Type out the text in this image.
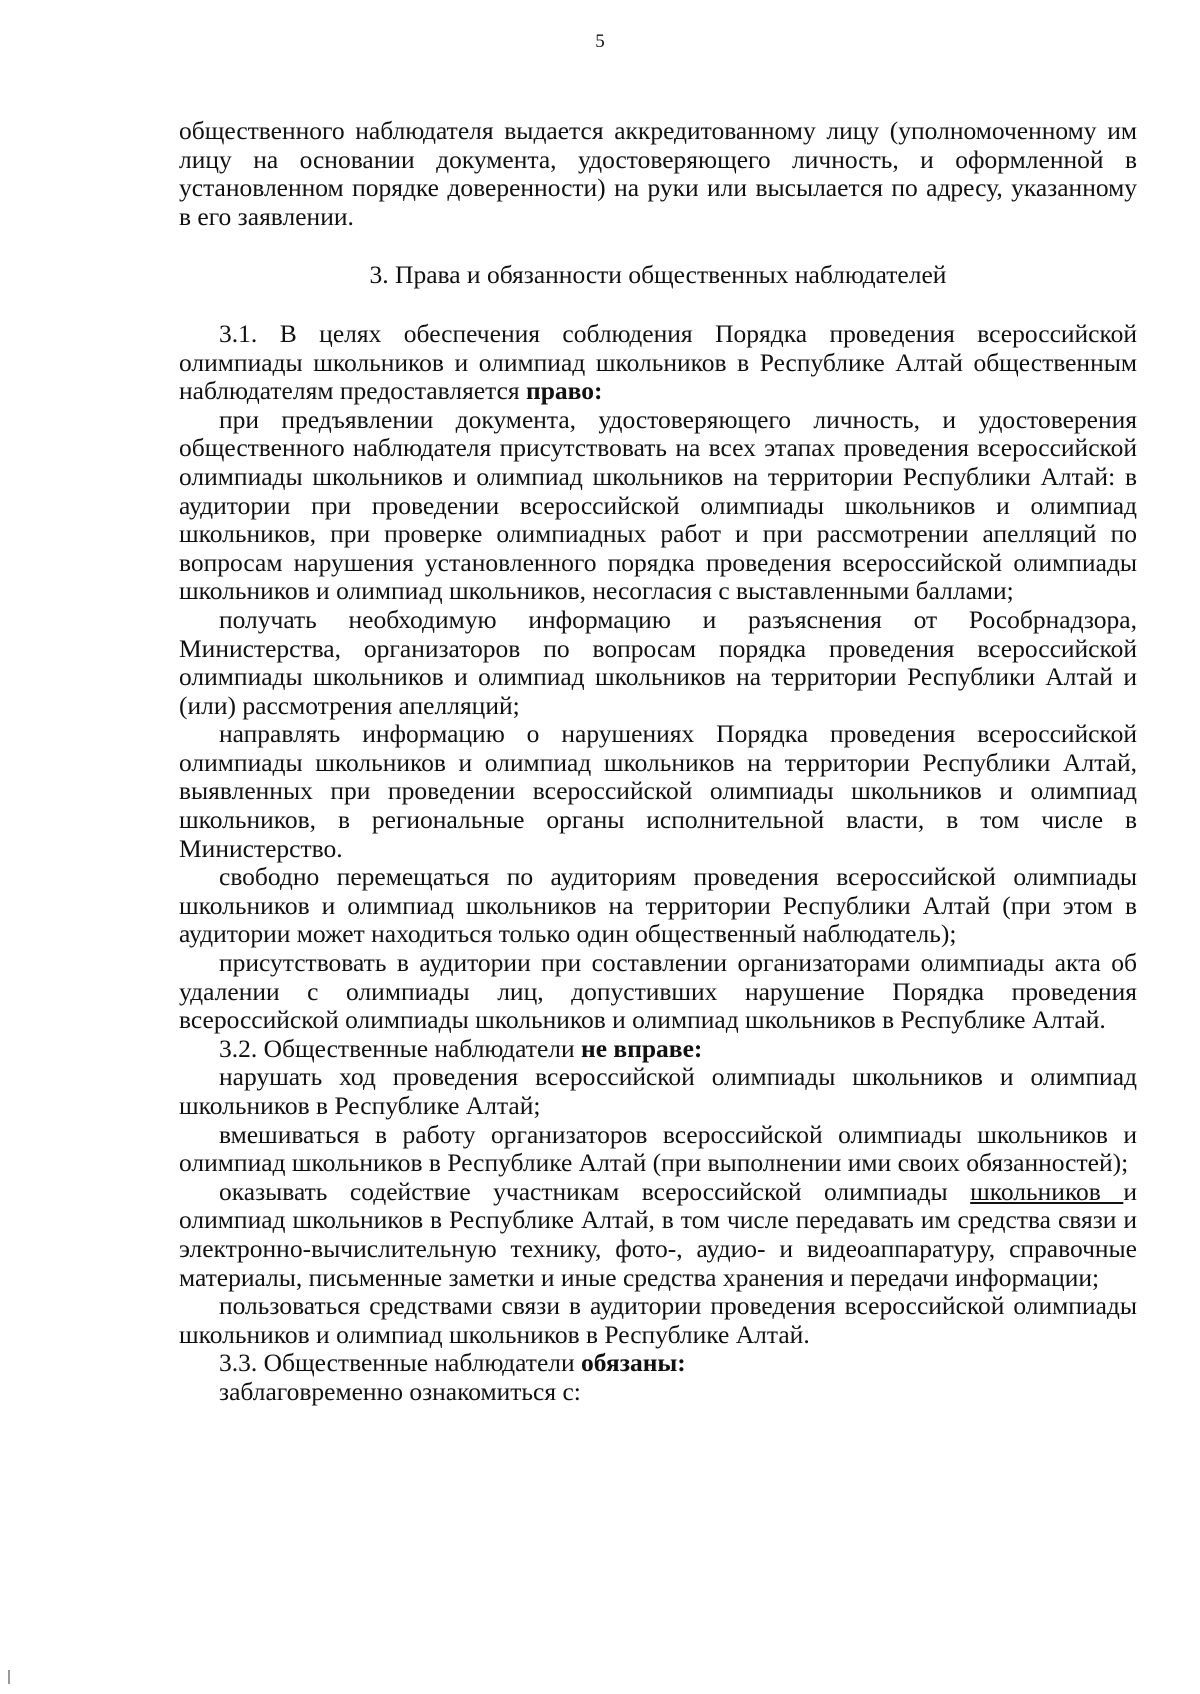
5

общественного наблюдателя выдается аккредитованному лицу (уполномоченному им лицу на основании документа, удостоверяющего личность, и оформленной в установленном порядке доверенности) на руки или высылается по адресу, указанному в его заявлении.

3. Права и обязанности общественных наблюдателей

3.1. В целях обеспечения соблюдения Порядка проведения всероссийской олимпиады школьников и олимпиад школьников в Республике Алтай общественным наблюдателям предоставляется право:

при предъявлении документа, удостоверяющего личность, и удостоверения общественного наблюдателя присутствовать на всех этапах проведения всероссийской олимпиады школьников и олимпиад школьников на территории Республики Алтай: в аудитории при проведении всероссийской олимпиады школьников и олимпиад школьников, при проверке олимпиадных работ и при рассмотрении апелляций по вопросам нарушения установленного порядка проведения всероссийской олимпиады школьников и олимпиад школьников, несогласия с выставленными баллами;

получать необходимую информацию и разъяснения от Рособрнадзора, Министерства, организаторов по вопросам порядка проведения всероссийской олимпиады школьников и олимпиад школьников на территории Республики Алтай и (или) рассмотрения апелляций;

направлять информацию о нарушениях Порядка проведения всероссийской олимпиады школьников и олимпиад школьников на территории Республики Алтай, выявленных при проведении всероссийской олимпиады школьников и олимпиад школьников, в региональные органы исполнительной власти, в том числе в Министерство.

свободно перемещаться по аудиториям проведения всероссийской олимпиады школьников и олимпиад школьников на территории Республики Алтай (при этом в аудитории может находиться только один общественный наблюдатель);

присутствовать в аудитории при составлении организаторами олимпиады акта об удалении с олимпиады лиц, допустивших нарушение Порядка проведения всероссийской олимпиады школьников и олимпиад школьников в Республике Алтай.

3.2. Общественные наблюдатели не вправе:

нарушать ход проведения всероссийской олимпиады школьников и олимпиад школьников в Республике Алтай;

вмешиваться в работу организаторов всероссийской олимпиады школьников и олимпиад школьников в Республике Алтай (при выполнении ими своих обязанностей);

оказывать содействие участникам всероссийской олимпиады школьников и олимпиад школьников в Республике Алтай, в том числе передавать им средства связи и электронно-вычислительную технику, фото-, аудио- и видеоаппаратуру, справочные материалы, письменные заметки и иные средства хранения и передачи информации;

пользоваться средствами связи в аудитории проведения всероссийской олимпиады школьников и олимпиад школьников в Республике Алтай.

3.3. Общественные наблюдатели обязаны:

заблаговременно ознакомиться с:
